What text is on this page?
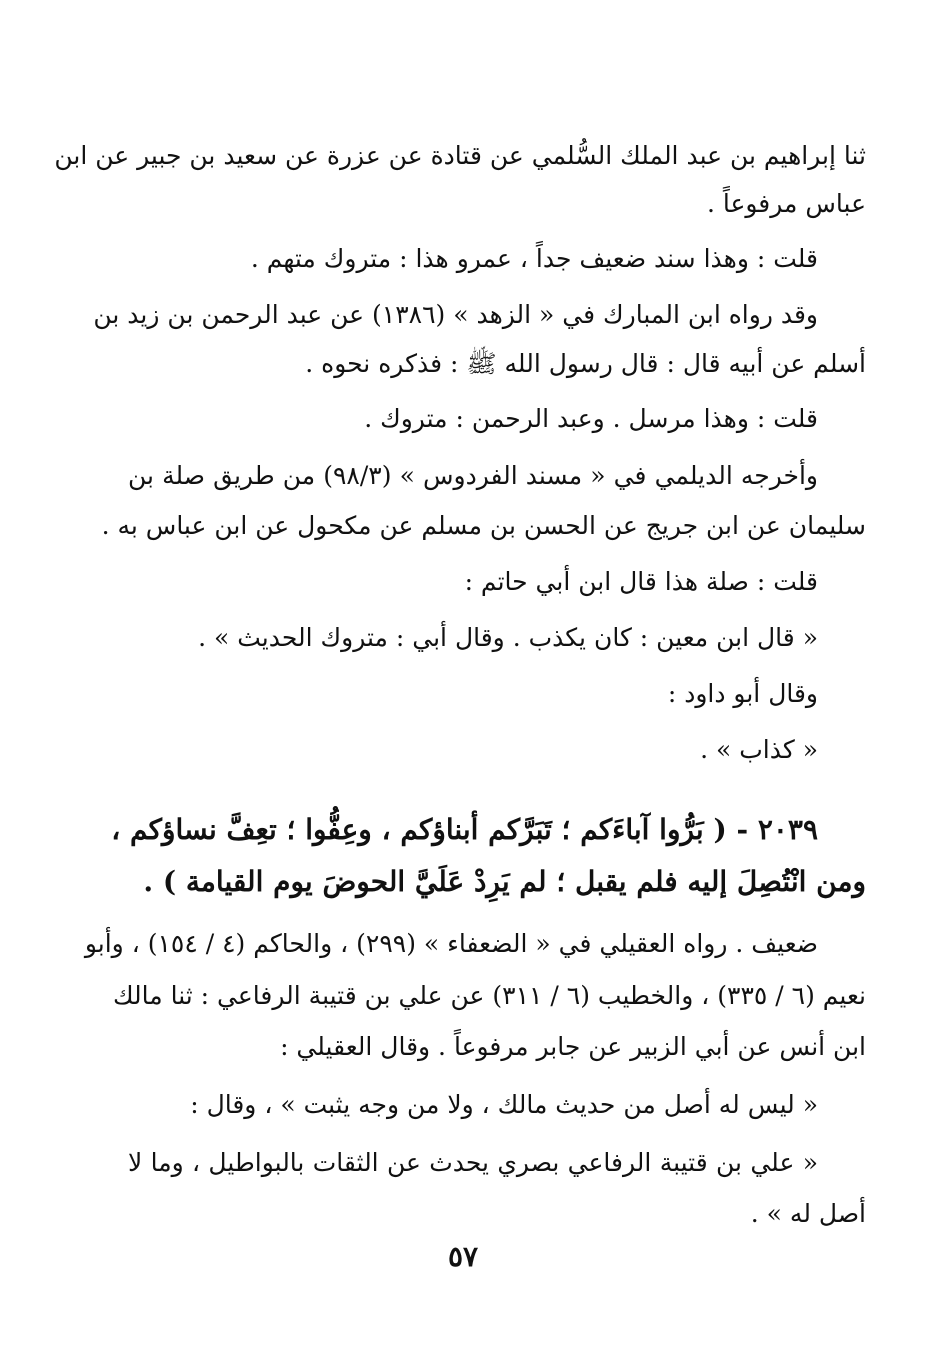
ثنا إبراهيم بن عبد الملك السُّلمي عن قتادة عن عزرة عن سعيد بن جبير عن ابن
عباس مرفوعاً .
قلت : وهذا سند ضعيف جداً ، عمرو هذا : متروك متهم .
وقد رواه ابن المبارك في « الزهد » (١٣٨٦) عن عبد الرحمن بن زيد بن
أسلم عن أبيه قال : قال رسول الله ﷺ : فذكره نحوه .
قلت : وهذا مرسل . وعبد الرحمن : متروك .
وأخرجه الديلمي في « مسند الفردوس » (٩٨/٣) من طريق صلة بن
سليمان عن ابن جريج عن الحسن بن مسلم عن مكحول عن ابن عباس به .
قلت : صلة هذا قال ابن أبي حاتم :
« قال ابن معين : كان يكذب . وقال أبي : متروك الحديث » .
وقال أبو داود :
« كذاب » .
٢٠٣٩ - ( بَرُّوا آباءَكم ؛ تَبَرَّكم أبناؤكم ، وعِفُّوا ؛ تعِفَّ نساؤكم ،
ومن انْتُصِلَ إليه فلم يقبل ؛ لم يَرِدْ عَلَيَّ الحوضَ يوم القيامة ) .
ضعيف . رواه العقيلي في « الضعفاء » (٢٩٩) ، والحاكم (٤ / ١٥٤) ، وأبو
نعيم (٦ / ٣٣٥) ، والخطيب (٦ / ٣١١) عن علي بن قتيبة الرفاعي : ثنا مالك
ابن أنس عن أبي الزبير عن جابر مرفوعاً . وقال العقيلي :
« ليس له أصل من حديث مالك ، ولا من وجه يثبت » ، وقال :
« علي بن قتيبة الرفاعي بصري يحدث عن الثقات بالبواطيل ، وما لا
أصل له » .
٥٧
